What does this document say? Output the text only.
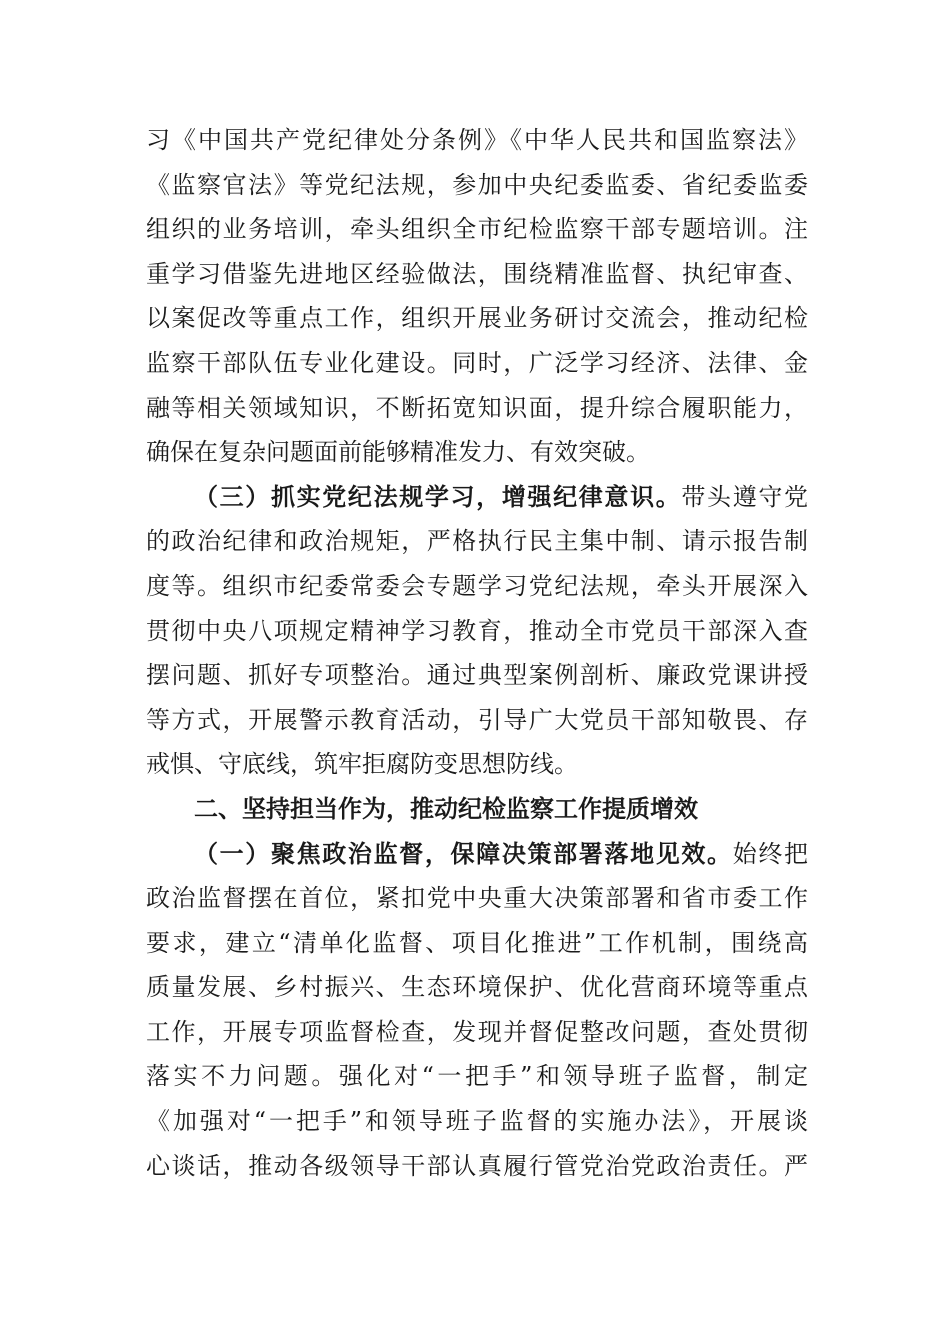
习《中国共产党纪律处分条例》《中华人民共和国监察法》
《监察官法》等党纪法规，参加中央纪委监委、省纪委监委
组织的业务培训，牵头组织全市纪检监察干部专题培训。注
重学习借鉴先进地区经验做法，围绕精准监督、执纪审查、
以案促改等重点工作，组织开展业务研讨交流会，推动纪检
监察干部队伍专业化建设。同时，广泛学习经济、法律、金
融等相关领域知识，不断拓宽知识面，提升综合履职能力，
确保在复杂问题面前能够精准发力、有效突破。
（三）抓实党纪法规学习，增强纪律意识。带头遵守党
的政治纪律和政治规矩，严格执行民主集中制、请示报告制
度等。组织市纪委常委会专题学习党纪法规，牵头开展深入
贯彻中央八项规定精神学习教育，推动全市党员干部深入查
摆问题、抓好专项整治。通过典型案例剖析、廉政党课讲授
等方式，开展警示教育活动，引导广大党员干部知敬畏、存
戒惧、守底线，筑牢拒腐防变思想防线。
二、坚持担当作为，推动纪检监察工作提质增效
（一）聚焦政治监督，保障决策部署落地见效。始终把
政治监督摆在首位，紧扣党中央重大决策部署和省市委工作
要求，建立“清单化监督、项目化推进”工作机制，围绕高
质量发展、乡村振兴、生态环境保护、优化营商环境等重点
工作，开展专项监督检查，发现并督促整改问题，查处贯彻
落实不力问题。强化对“一把手”和领导班子监督，制定
《加强对“一把手”和领导班子监督的实施办法》，开展谈
心谈话，推动各级领导干部认真履行管党治党政治责任。严
